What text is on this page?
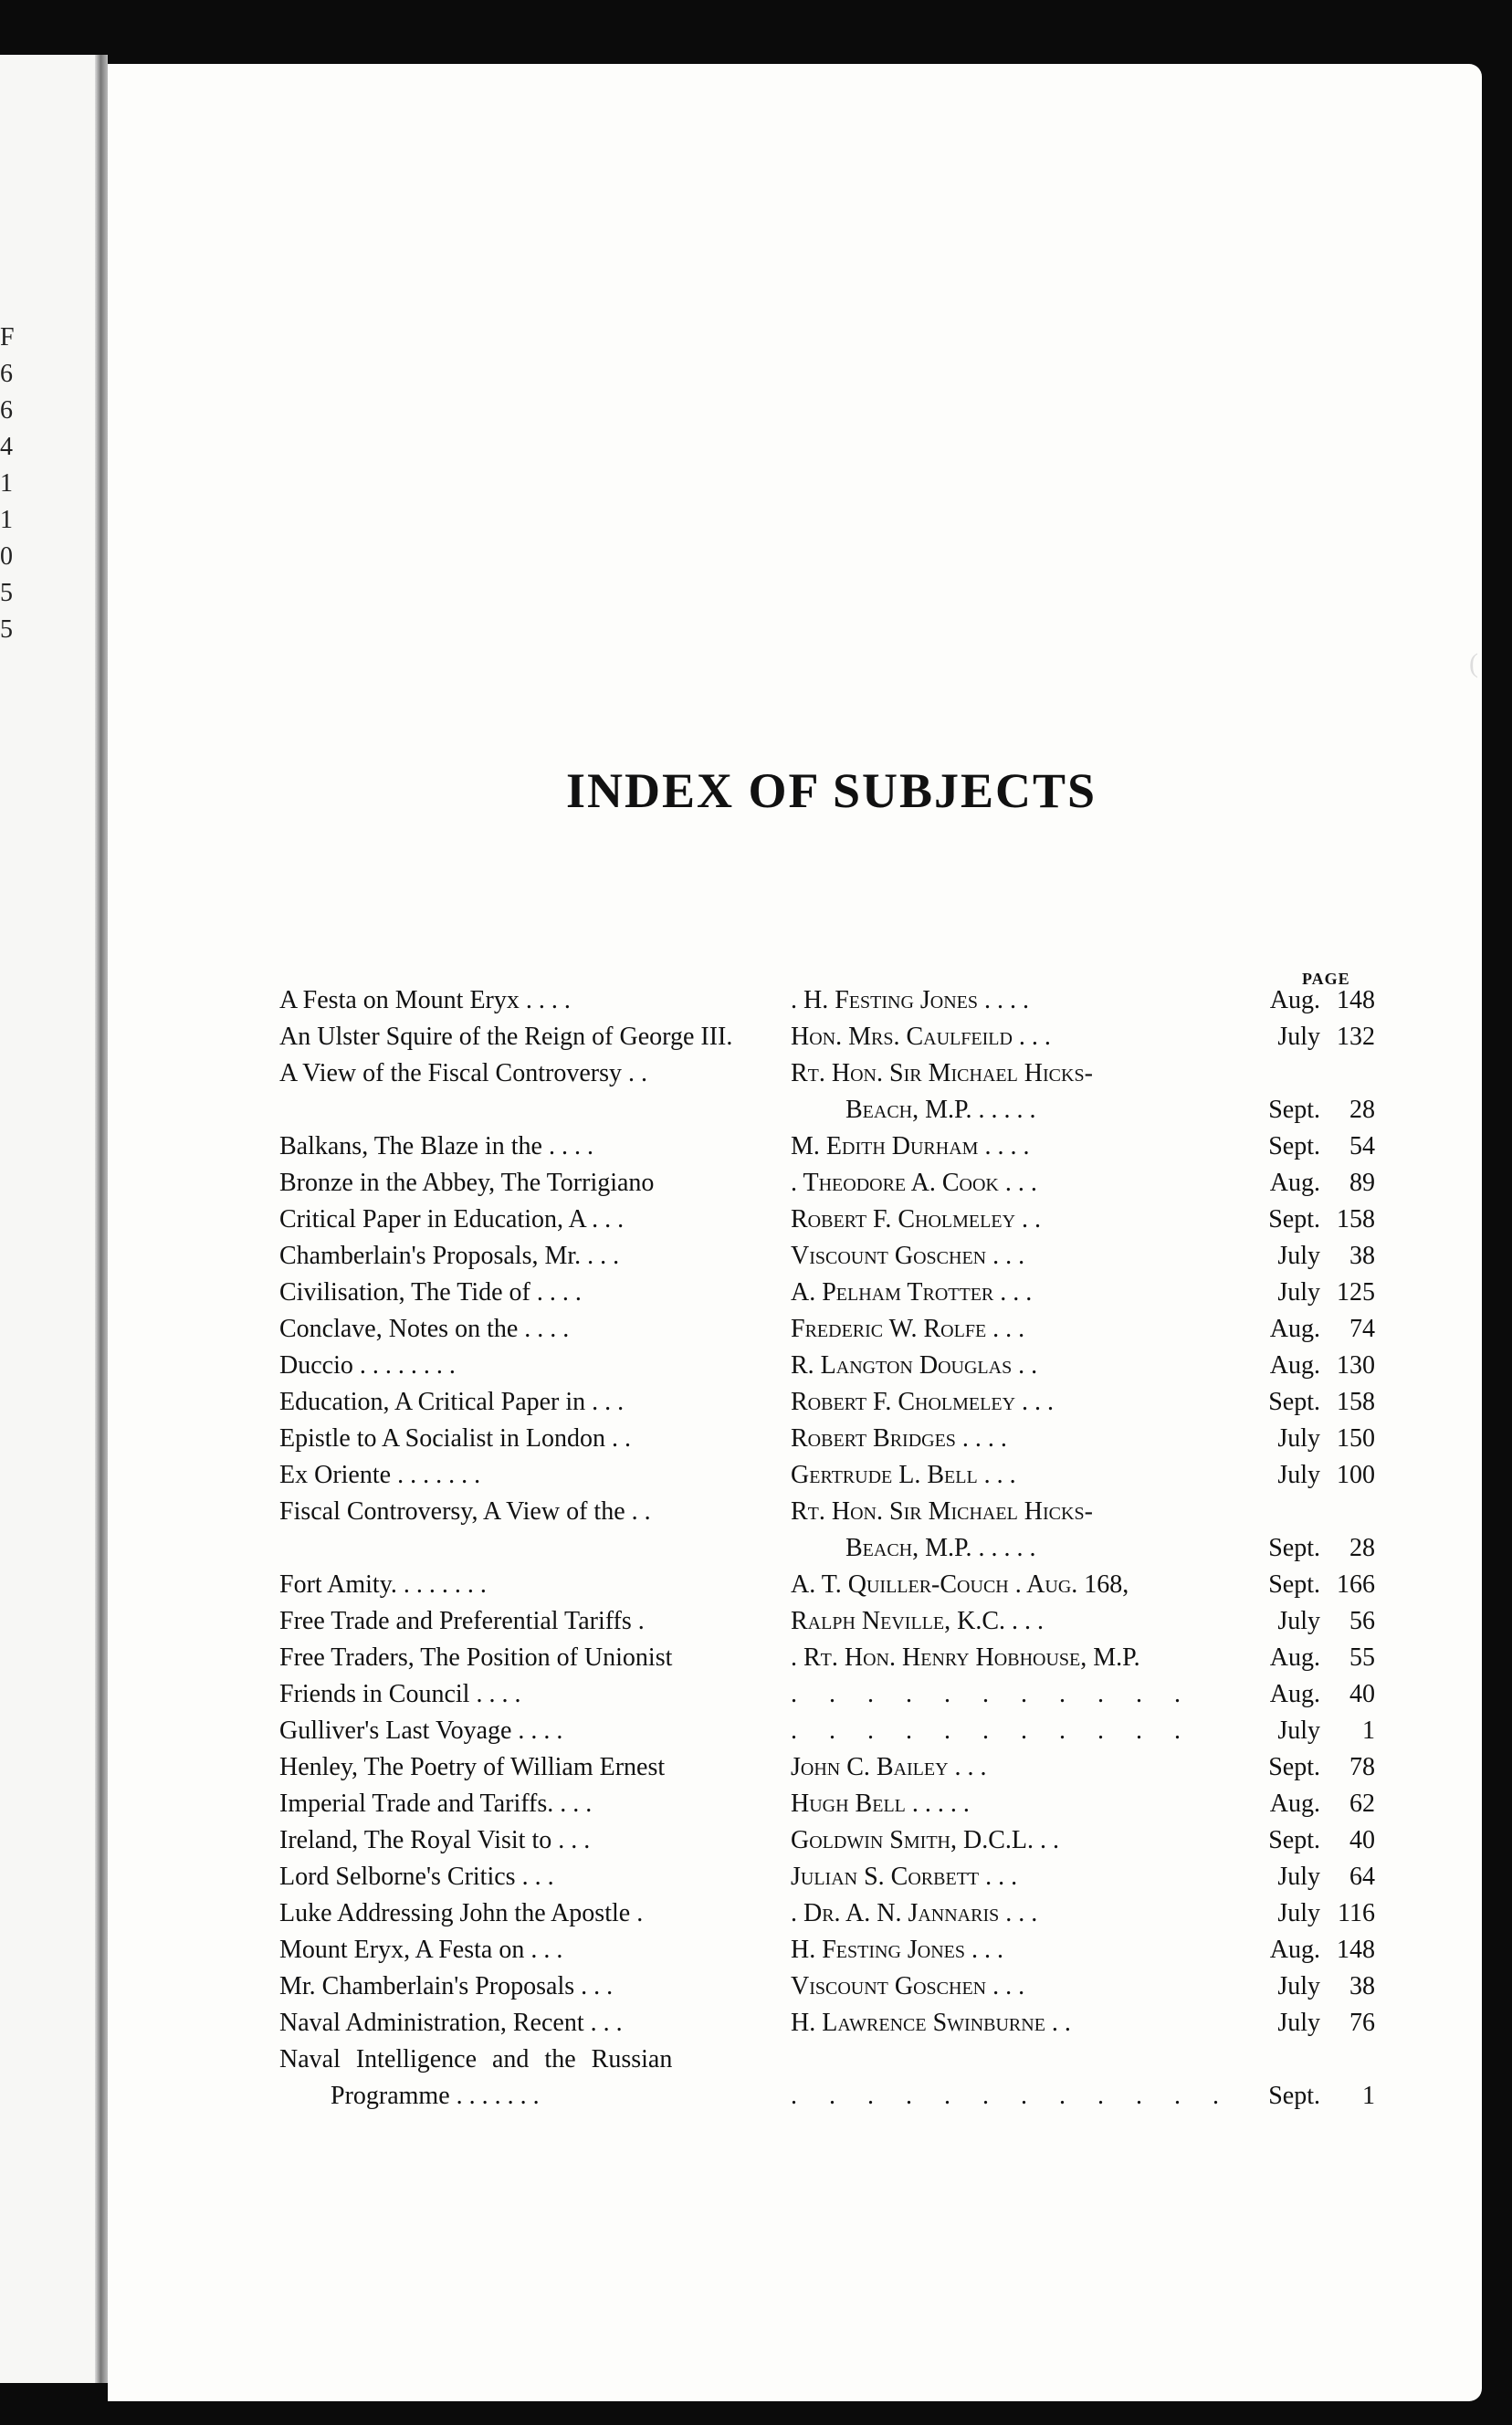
F
6
6
4
1
1
0
5
5
(
INDEX OF SUBJECTS
PAGE
A Festa on Mount Eryx . . . .	. H. Festing Jones . . . .	Aug. 148
An Ulster Squire of the Reign of George III.	Hon. Mrs. Caulfeild . . .	July 132
A View of the Fiscal Controversy . .	Rt. Hon. Sir Michael Hicks-
Beach, M.P. . . . . .	Sept.	28
Balkans, The Blaze in the . . . .	M. Edith Durham . . . .	Sept.	54
Bronze in the Abbey, The Torrigiano	. Theodore A. Cook . . .	Aug.	89
Critical Paper in Education, A . . .	Robert F. Cholmeley . .	Sept. 158
Chamberlain's Proposals, Mr. . . .	Viscount Goschen . . .	July	38
Civilisation, The Tide of . . . .	A. Pelham Trotter . . .	July 125
Conclave, Notes on the . . . .	Frederic W. Rolfe . . .	Aug.	74
Duccio . . . . . . . .	R. Langton Douglas . .	Aug. 130
Education, A Critical Paper in . . .	Robert F. Cholmeley . . .	Sept. 158
Epistle to A Socialist in London . .	Robert Bridges . . . .	July 150
Ex Oriente . . . . . . .	Gertrude L. Bell . . .	July 100
Fiscal Controversy, A View of the . .	Rt. Hon. Sir Michael Hicks-
Beach, M.P. . . . . .	Sept.	28
Fort Amity. . . . . . . .	A. T. Quiller-Couch . Aug. 168,	Sept. 166
Free Trade and Preferential Tariffs .	Ralph Neville, K.C. . . .	July	56
Free Traders, The Position of Unionist	. Rt. Hon. Henry Hobhouse, M.P.	Aug.	55
Friends in Council . . . .	. . . . . . . . . . .	Aug.	40
Gulliver's Last Voyage . . . .	. . . . . . . . . . .	July	1
Henley, The Poetry of William Ernest	John C. Bailey . . .	Sept.	78
Imperial Trade and Tariffs. . . .	Hugh Bell . . . . .	Aug.	62
Ireland, The Royal Visit to . . .	Goldwin Smith, D.C.L. . .	Sept.	40
Lord Selborne's Critics . . .	Julian S. Corbett . . .	July	64
Luke Addressing John the Apostle .	. Dr. A. N. Jannaris . . .	July 116
Mount Eryx, A Festa on . . .	H. Festing Jones . . .	Aug. 148
Mr. Chamberlain's Proposals . . .	Viscount Goschen . . .	July	38
Naval Administration, Recent . . .	H. Lawrence Swinburne . .	July	76
Naval Intelligence and the Russian
Programme . . . . . . .	. . . . . . . . . . . .	Sept.	1
